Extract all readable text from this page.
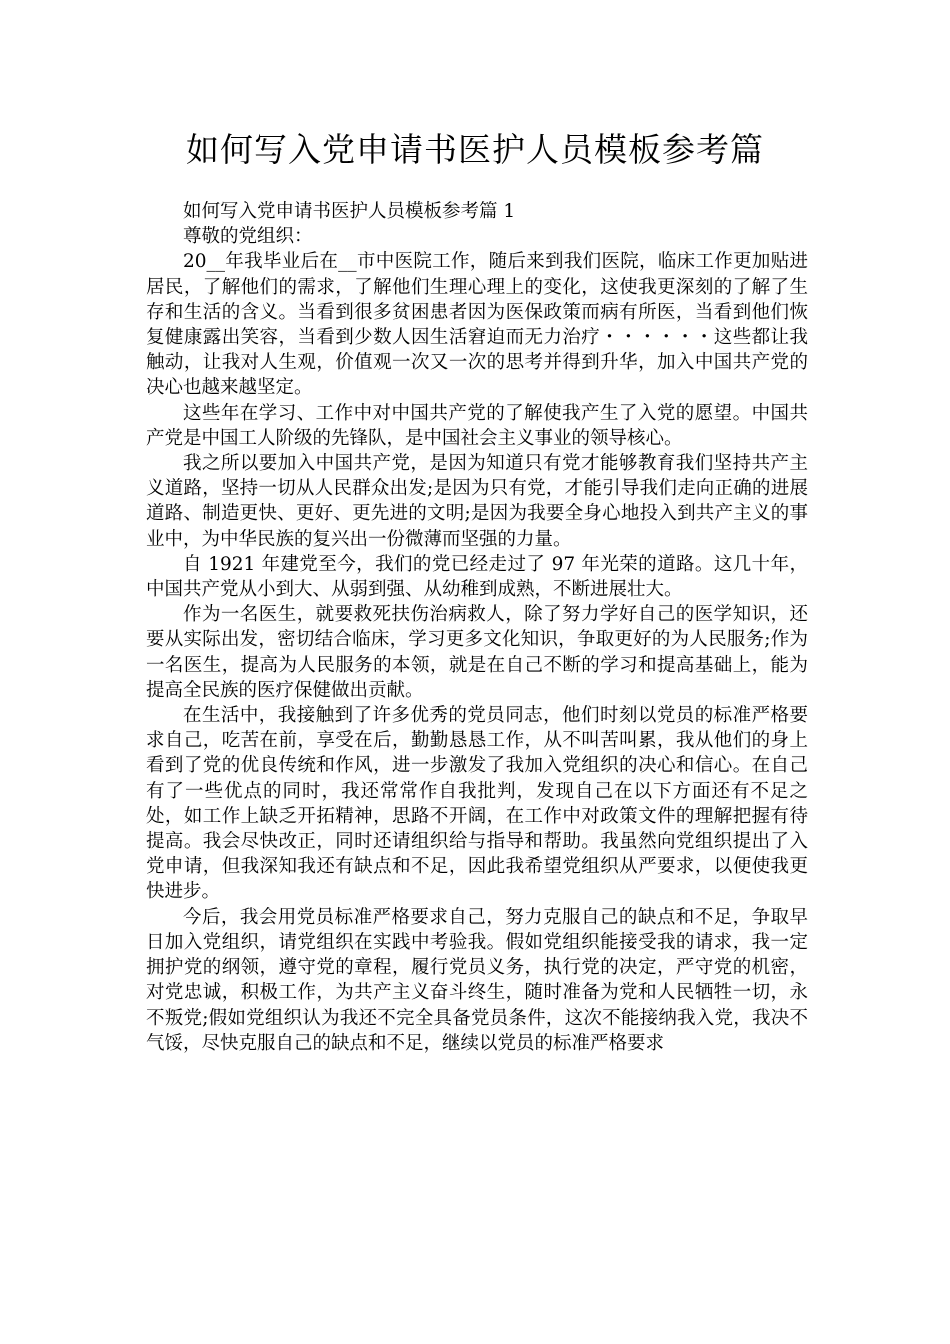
如何写入党申请书医护人员模板参考篇

如何写入党申请书医护人员模板参考篇 1

尊敬的党组织：

20__年我毕业后在__市中医院工作，随后来到我们医院，临床工作更加贴进居民，了解他们的需求，了解他们生理心理上的变化，这使我更深刻的了解了生存和生活的含义。当看到很多贫困患者因为医保政策而病有所医，当看到他们恢复健康露出笑容，当看到少数人因生活窘迫而无力治疗・・・・・・这些都让我触动，让我对人生观，价值观一次又一次的思考并得到升华，加入中国共产党的决心也越来越坚定。

这些年在学习、工作中对中国共产党的了解使我产生了入党的愿望。中国共产党是中国工人阶级的先锋队，是中国社会主义事业的领导核心。

我之所以要加入中国共产党，是因为知道只有党才能够教育我们坚持共产主义道路，坚持一切从人民群众出发;是因为只有党，才能引导我们走向正确的进展道路、制造更快、更好、更先进的文明;是因为我要全身心地投入到共产主义的事业中，为中华民族的复兴出一份微薄而坚强的力量。

自 1921 年建党至今，我们的党已经走过了 97 年光荣的道路。这几十年，中国共产党从小到大、从弱到强、从幼稚到成熟，不断进展壮大。

作为一名医生，就要救死扶伤治病救人，除了努力学好自己的医学知识，还要从实际出发，密切结合临床，学习更多文化知识，争取更好的为人民服务;作为一名医生，提高为人民服务的本领，就是在自己不断的学习和提高基础上，能为提高全民族的医疗保健做出贡献。

在生活中，我接触到了许多优秀的党员同志，他们时刻以党员的标准严格要求自己，吃苦在前，享受在后，勤勤恳恳工作，从不叫苦叫累，我从他们的身上看到了党的优良传统和作风，进一步激发了我加入党组织的决心和信心。在自己有了一些优点的同时，我还常常作自我批判，发现自己在以下方面还有不足之处，如工作上缺乏开拓精神，思路不开阔，在工作中对政策文件的理解把握有待提高。我会尽快改正，同时还请组织给与指导和帮助。我虽然向党组织提出了入党申请，但我深知我还有缺点和不足，因此我希望党组织从严要求，以便使我更快进步。

今后，我会用党员标准严格要求自己，努力克服自己的缺点和不足，争取早日加入党组织，请党组织在实践中考验我。假如党组织能接受我的请求，我一定拥护党的纲领，遵守党的章程，履行党员义务，执行党的决定，严守党的机密，对党忠诚，积极工作，为共产主义奋斗终生，随时准备为党和人民牺牲一切，永不叛党;假如党组织认为我还不完全具备党员条件，这次不能接纳我入党，我决不气馁，尽快克服自己的缺点和不足，继续以党员的标准严格要求
